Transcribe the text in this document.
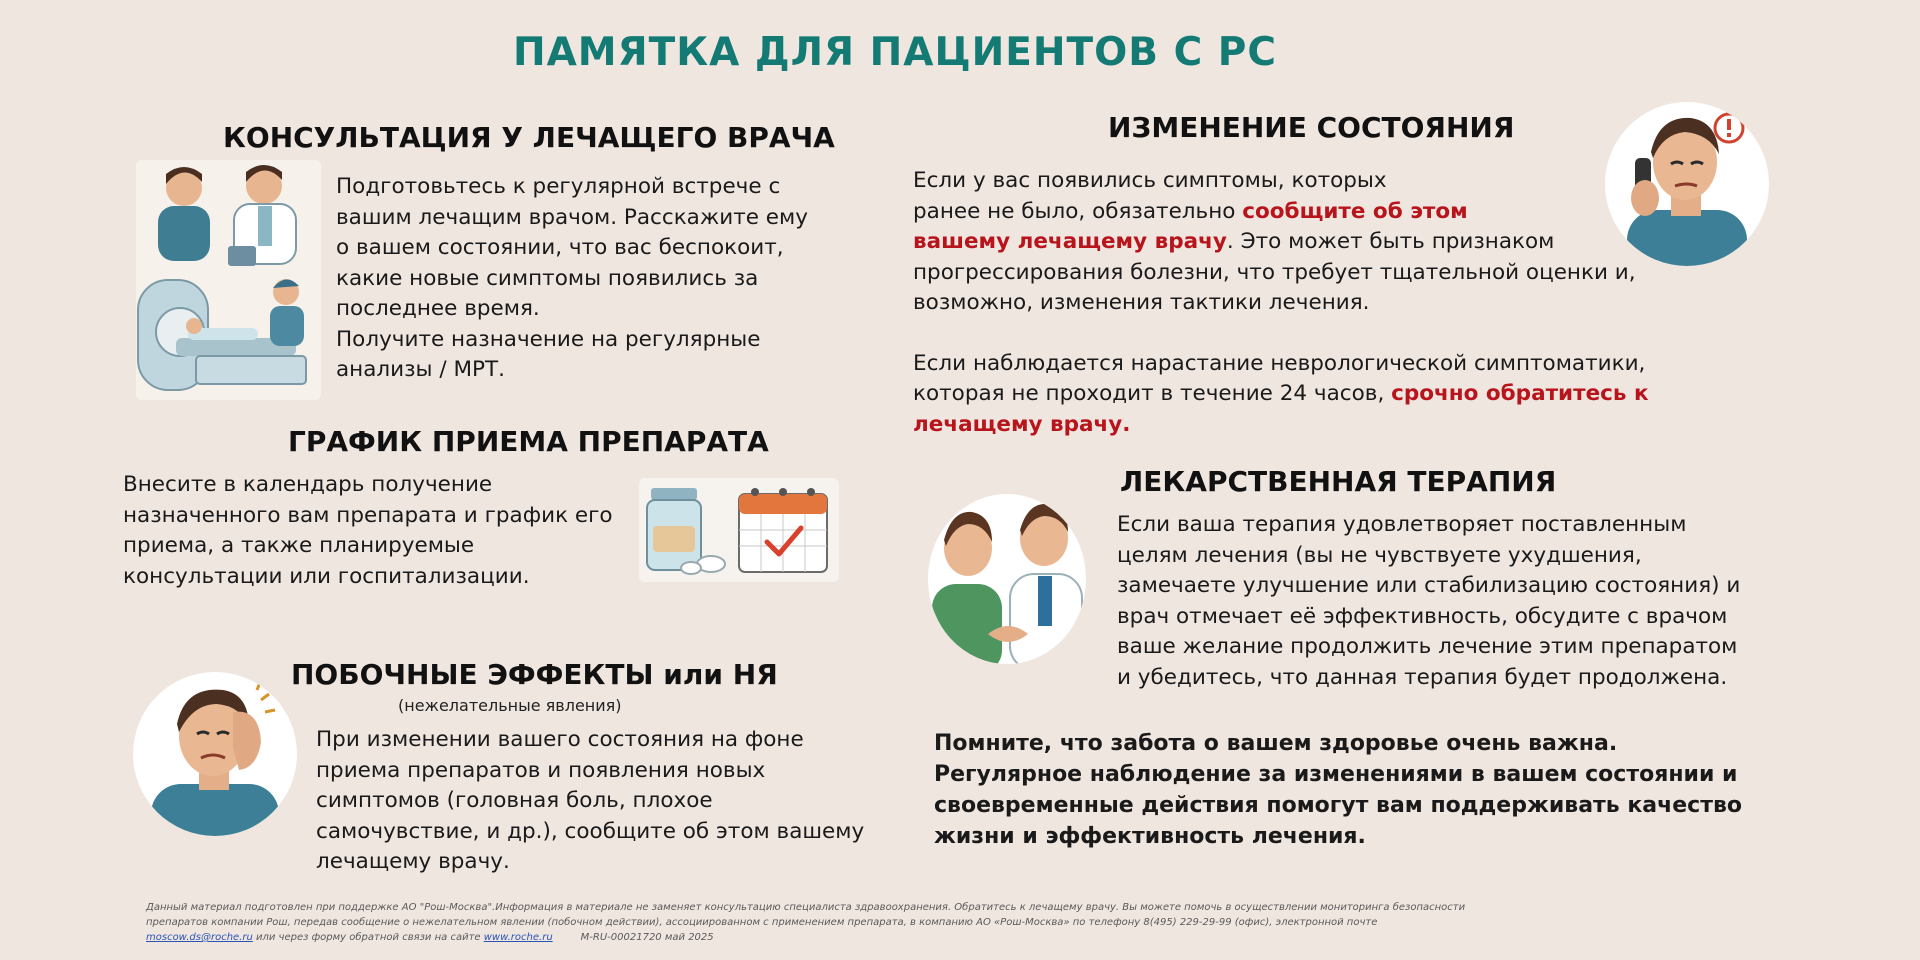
ПАМЯТКА ДЛЯ ПАЦИЕНТОВ С РС
КОНСУЛЬТАЦИЯ У ЛЕЧАЩЕГО ВРАЧА
Подготовьтесь к регулярной встрече с
вашим лечащим врачом. Расскажите ему
о вашем состоянии, что вас беспокоит,
какие новые симптомы появились за
последнее время.
Получите назначение на регулярные
анализы / МРТ.
ГРАФИК ПРИЕМА ПРЕПАРАТА
Внесите в календарь получение
назначенного вам препарата и график его
приема, а также планируемые
консультации или госпитализации.
ПОБОЧНЫЕ ЭФФЕКТЫ или НЯ
(нежелательные явления)
При изменении вашего состояния на фоне
приема препаратов и появления новых
симптомов (головная боль, плохое
самочувствие, и др.), сообщите об этом вашему
лечащему врачу.
ИЗМЕНЕНИЕ СОСТОЯНИЯ
Если у вас появились симптомы, которых
ранее не было, обязательно сообщите об этом
вашему лечащему врачу. Это может быть признаком
прогрессирования болезни, что требует тщательной оценки и,
возможно, изменения тактики лечения.
Если наблюдается нарастание неврологической симптоматики,
которая не проходит в течение 24 часов, срочно обратитесь к
лечащему врачу.
ЛЕКАРСТВЕННАЯ ТЕРАПИЯ
Если ваша терапия удовлетворяет поставленным
целям лечения (вы не чувствуете ухудшения,
замечаете улучшение или стабилизацию состояния) и
врач отмечает её эффективность, обсудите с врачом
ваше желание продолжить лечение этим препаратом
и убедитесь, что данная терапия будет продолжена.
Помните, что забота о вашем здоровье очень важна.
Регулярное наблюдение за изменениями в вашем состоянии и
своевременные действия помогут вам поддерживать качество
жизни и эффективность лечения.
Данный материал подготовлен при поддержке АО "Рош-Москва".Информация в материале не заменяет консультацию специалиста здравоохранения. Обратитесь к лечащему врачу. Вы можете помочь в осуществлении мониторинга безопасности
препаратов компании Рош, передав сообщение о нежелательном явлении (побочном действии), ассоциированном с применением препарата, в компанию АО «Рош-Москва» по телефону 8(495) 229-29-99 (офис), электронной почте
moscow.ds@roche.ru или через форму обратной связи на сайте www.roche.ru	M-RU-00021720 май 2025
